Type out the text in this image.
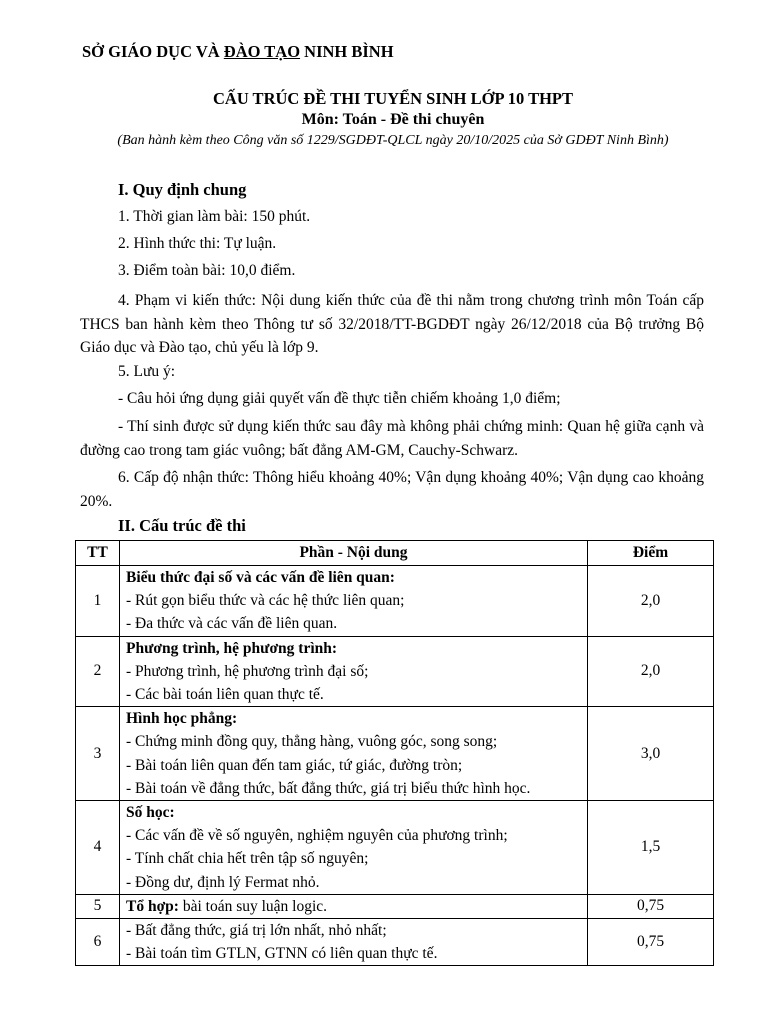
SỞ GIÁO DỤC VÀ ĐÀO TẠO NINH BÌNH
CẤU TRÚC ĐỀ THI TUYỂN SINH LỚP 10 THPT
Môn: Toán - Đề thi chuyên
(Ban hành kèm theo Công văn số 1229/SGDĐT-QLCL ngày 20/10/2025 của Sở GDĐT Ninh Bình)
I. Quy định chung
1. Thời gian làm bài: 150 phút.
2. Hình thức thi: Tự luận.
3. Điểm toàn bài: 10,0 điểm.
4. Phạm vi kiến thức: Nội dung kiến thức của đề thi nằm trong chương trình môn Toán cấp THCS ban hành kèm theo Thông tư số 32/2018/TT-BGDĐT ngày 26/12/2018 của Bộ trưởng Bộ Giáo dục và Đào tạo, chủ yếu là lớp 9.
5. Lưu ý:
- Câu hỏi ứng dụng giải quyết vấn đề thực tiễn chiếm khoảng 1,0 điểm;
- Thí sinh được sử dụng kiến thức sau đây mà không phải chứng minh: Quan hệ giữa cạnh và đường cao trong tam giác vuông; bất đẳng AM-GM, Cauchy-Schwarz.
6. Cấp độ nhận thức: Thông hiểu khoảng 40%; Vận dụng khoảng 40%; Vận dụng cao khoảng 20%.
II. Cấu trúc đề thi
TT	Phần - Nội dung	Điểm
1	Biểu thức đại số và các vấn đề liên quan:
- Rút gọn biểu thức và các hệ thức liên quan;
- Đa thức và các vấn đề liên quan.	2,0
2	Phương trình, hệ phương trình:
- Phương trình, hệ phương trình đại số;
- Các bài toán liên quan thực tế.	2,0
3	Hình học phẳng:
- Chứng minh đồng quy, thẳng hàng, vuông góc, song song;
- Bài toán liên quan đến tam giác, tứ giác, đường tròn;
- Bài toán về đẳng thức, bất đẳng thức, giá trị biểu thức hình học.	3,0
4	Số học:
- Các vấn đề về số nguyên, nghiệm nguyên của phương trình;
- Tính chất chia hết trên tập số nguyên;
- Đồng dư, định lý Fermat nhỏ.	1,5
5	Tổ hợp: bài toán suy luận logic.	0,75
6	- Bất đẳng thức, giá trị lớn nhất, nhỏ nhất;
- Bài toán tìm GTLN, GTNN có liên quan thực tế.	0,75
